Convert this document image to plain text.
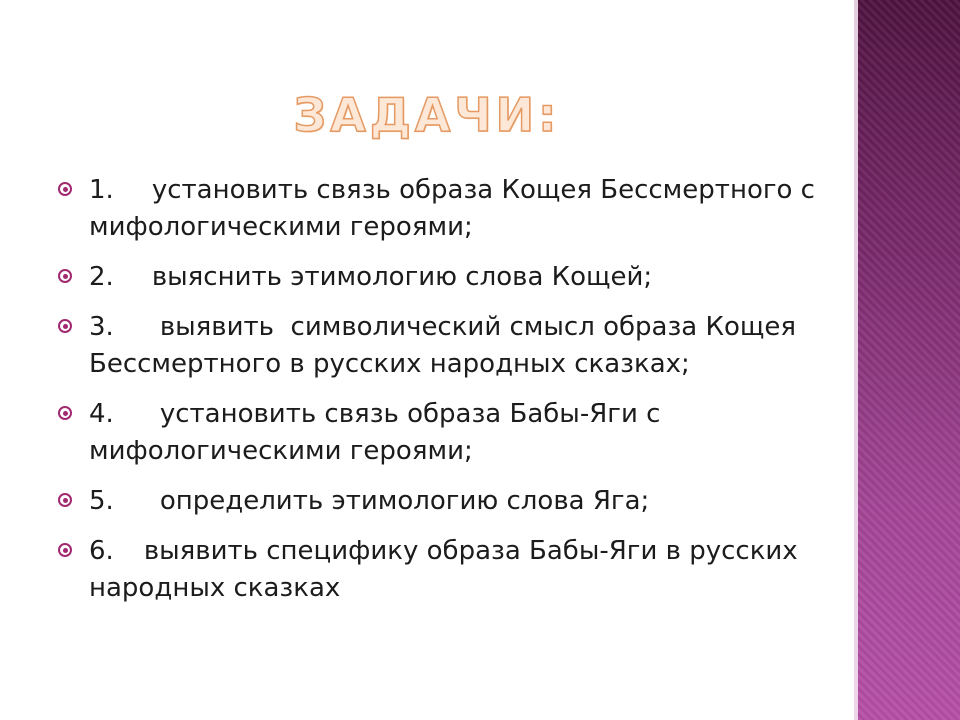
ЗАДАЧИ:
1. установить связь образа Кощея Бессмертного с мифологическими героями;
2. выяснить этимологию слова Кощей;
3. выявить  символический смысл образа Кощея Бессмертного в русских народных сказках;
4. установить связь образа Бабы-Яги с мифологическими героями;
5. определить этимологию слова Яга;
6. выявить специфику образа Бабы-Яги в русских народных сказках
